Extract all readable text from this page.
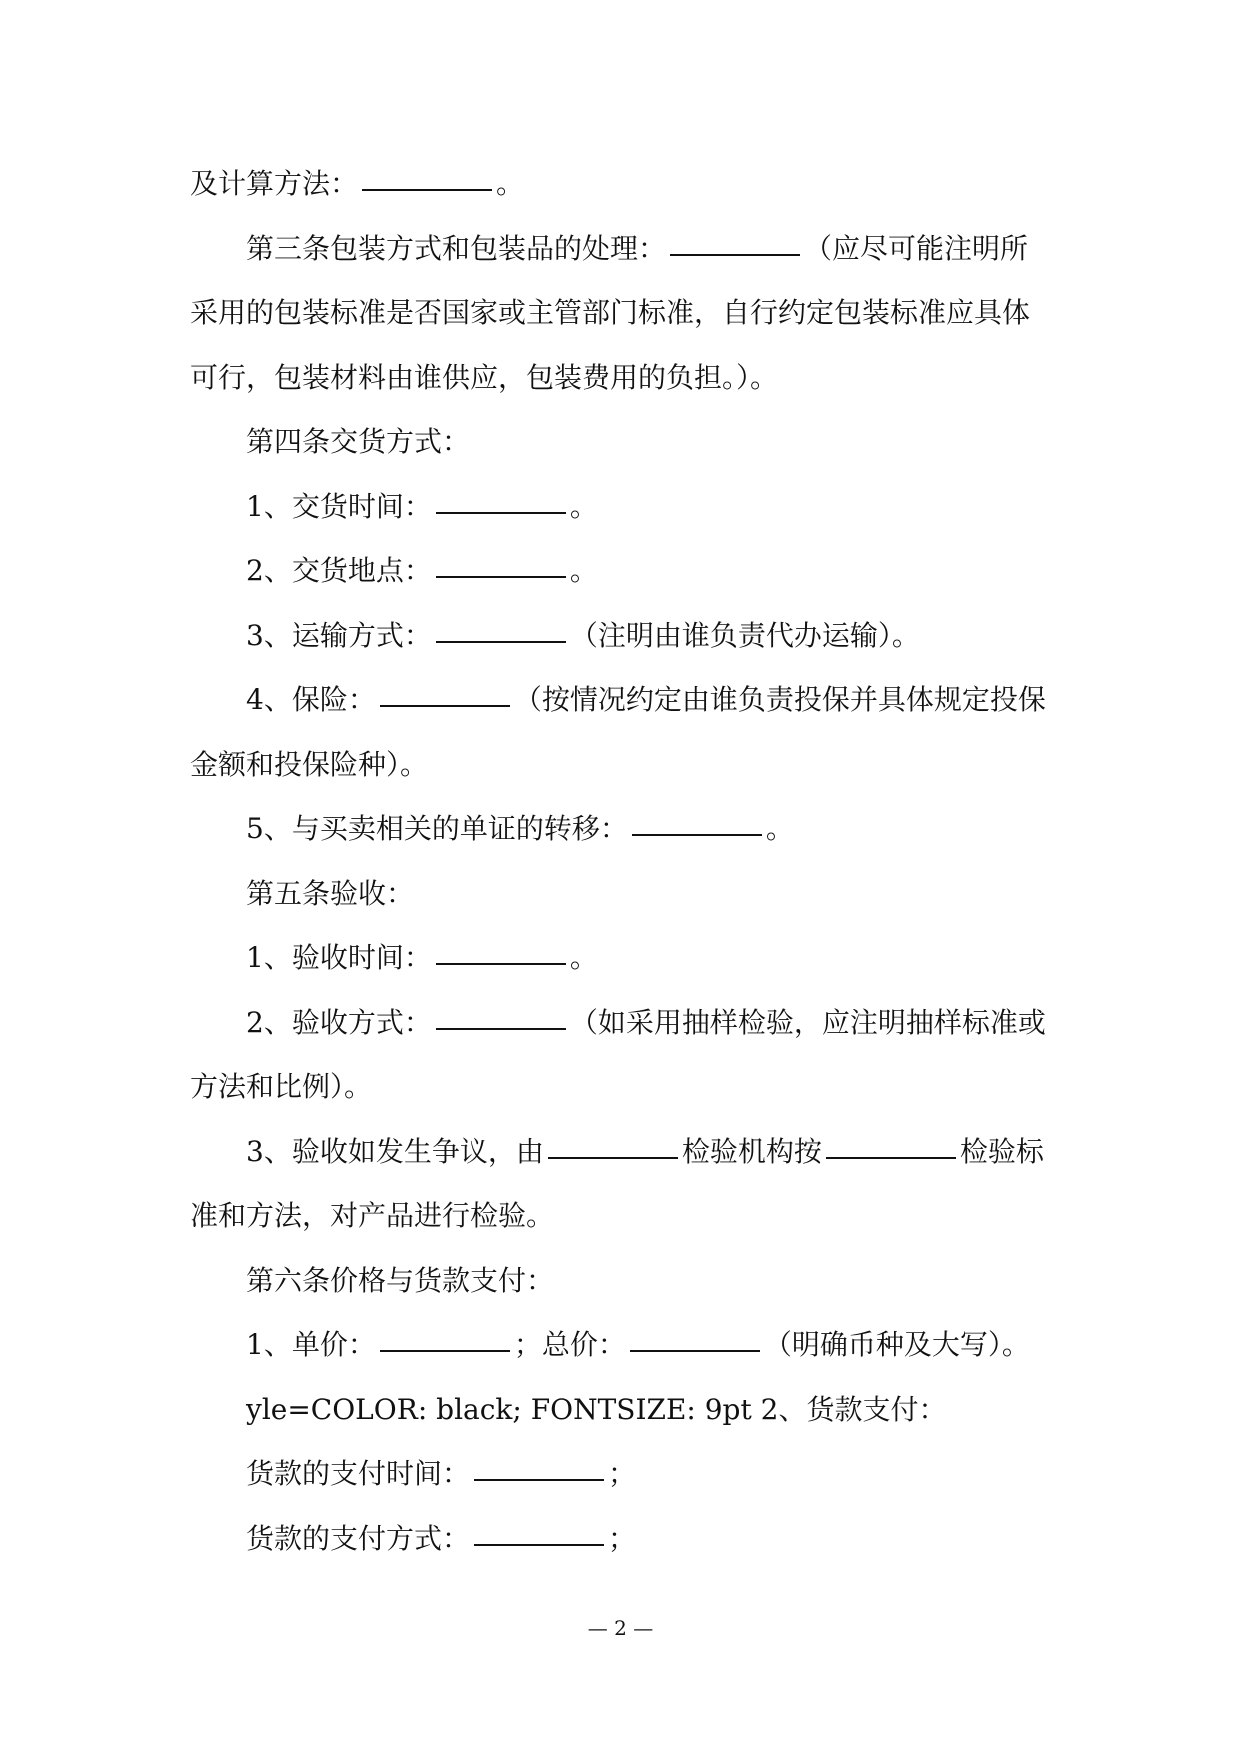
及计算方法：	。
第三条包装方式和包装品的处理：	（应尽可能注明所
采用的包装标准是否国家或主管部门标准，自行约定包装标准应具体
可行，包装材料由谁供应，包装费用的负担。）。
第四条交货方式：
1、交货时间：	。
2、交货地点：	。
3、运输方式：	（注明由谁负责代办运输）。
4、保险：	（按情况约定由谁负责投保并具体规定投保
金额和投保险种）。
5、与买卖相关的单证的转移：	。
第五条验收：
1、验收时间：	。
2、验收方式：	（如采用抽样检验，应注明抽样标准或
方法和比例）。
3、验收如发生争议，由	检验机构按	检验标
准和方法，对产品进行检验。
第六条价格与货款支付：
1、单价：	；总价：	（明确币种及大写）。
yle=COLOR: black; FONTSIZE: 9pt 2、货款支付：
货款的支付时间：	；
货款的支付方式：	；
— 2 —
